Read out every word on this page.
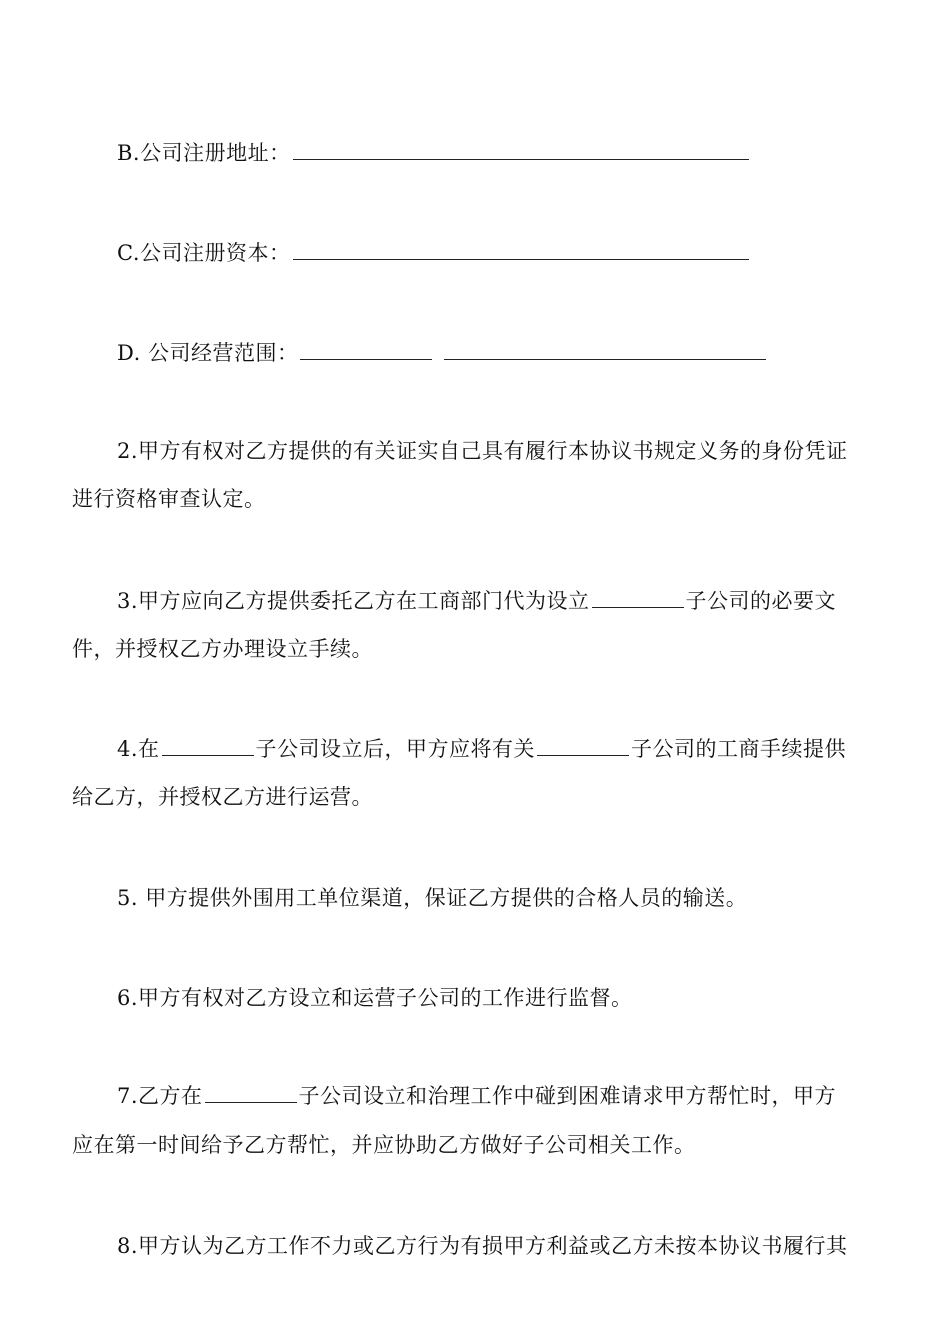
B.公司注册地址：
C.公司注册资本：
D. 公司经营范围：
2.甲方有权对乙方提供的有关证实自己具有履行本协议书规定义务的身份凭证
进行资格审查认定。
3.甲方应向乙方提供委托乙方在工商部门代为设立	子公司的必要文
件，并授权乙方办理设立手续。
4.在	子公司设立后，甲方应将有关	子公司的工商手续提供
给乙方，并授权乙方进行运营。
5. 甲方提供外围用工单位渠道，保证乙方提供的合格人员的输送。
6.甲方有权对乙方设立和运营子公司的工作进行监督。
7.乙方在	子公司设立和治理工作中碰到困难请求甲方帮忙时，甲方
应在第一时间给予乙方帮忙，并应协助乙方做好子公司相关工作。
8.甲方认为乙方工作不力或乙方行为有损甲方利益或乙方未按本协议书履行其
